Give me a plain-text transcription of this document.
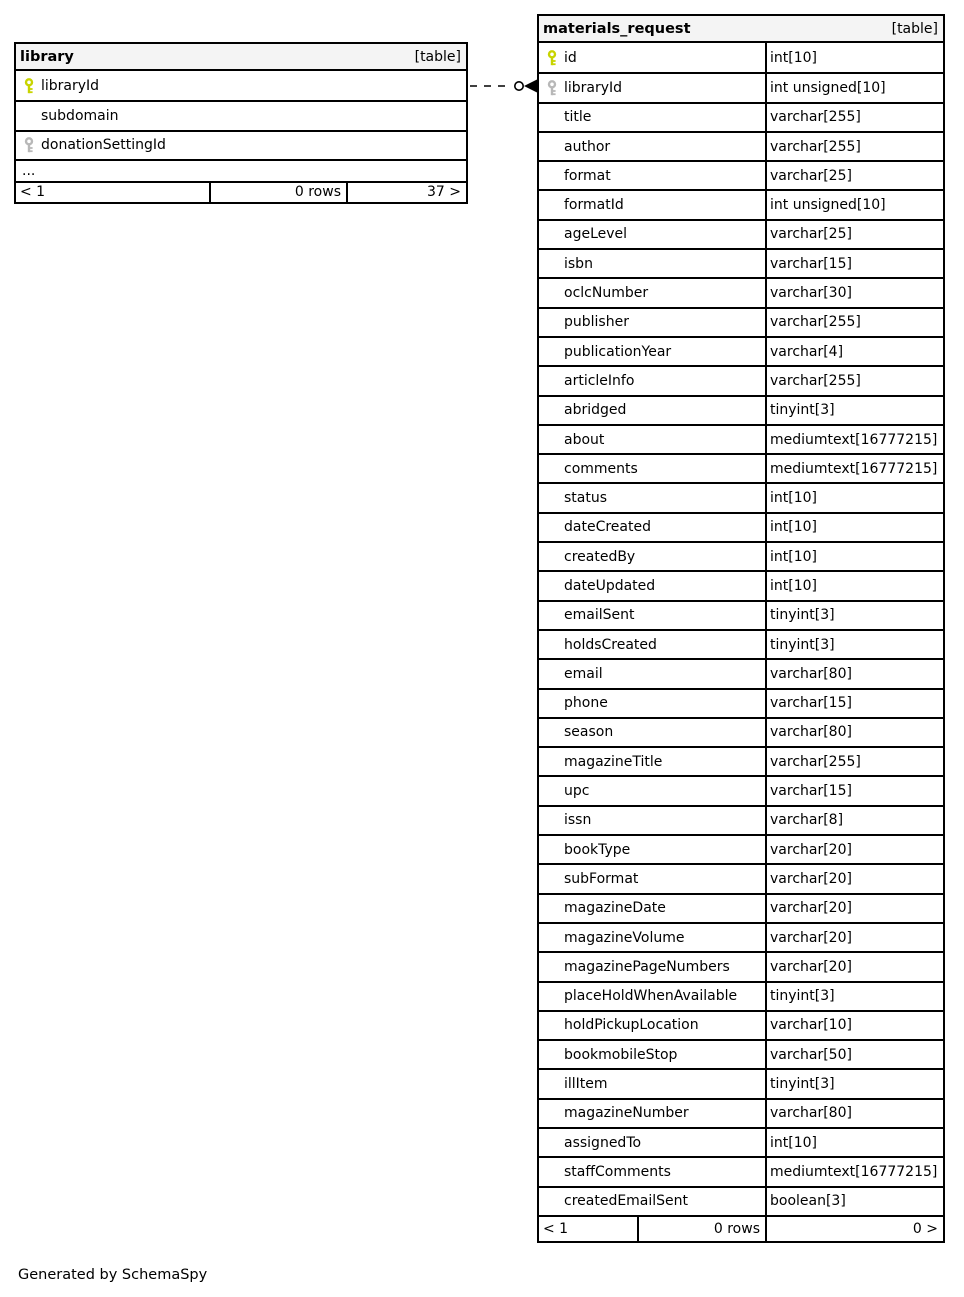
library	[table]
libraryId
subdomain
donationSettingId
...
< 1	0 rows	37 >
materials_request	[table]
id	int[10]
libraryId	int unsigned[10]
title	varchar[255]
author	varchar[255]
format	varchar[25]
formatId	int unsigned[10]
ageLevel	varchar[25]
isbn	varchar[15]
oclcNumber	varchar[30]
publisher	varchar[255]
publicationYear	varchar[4]
articleInfo	varchar[255]
abridged	tinyint[3]
about	mediumtext[16777215]
comments	mediumtext[16777215]
status	int[10]
dateCreated	int[10]
createdBy	int[10]
dateUpdated	int[10]
emailSent	tinyint[3]
holdsCreated	tinyint[3]
email	varchar[80]
phone	varchar[15]
season	varchar[80]
magazineTitle	varchar[255]
upc	varchar[15]
issn	varchar[8]
bookType	varchar[20]
subFormat	varchar[20]
magazineDate	varchar[20]
magazineVolume	varchar[20]
magazinePageNumbers	varchar[20]
placeHoldWhenAvailable	tinyint[3]
holdPickupLocation	varchar[10]
bookmobileStop	varchar[50]
illItem	tinyint[3]
magazineNumber	varchar[80]
assignedTo	int[10]
staffComments	mediumtext[16777215]
createdEmailSent	boolean[3]
< 1	0 rows	0 >
Generated by SchemaSpy
